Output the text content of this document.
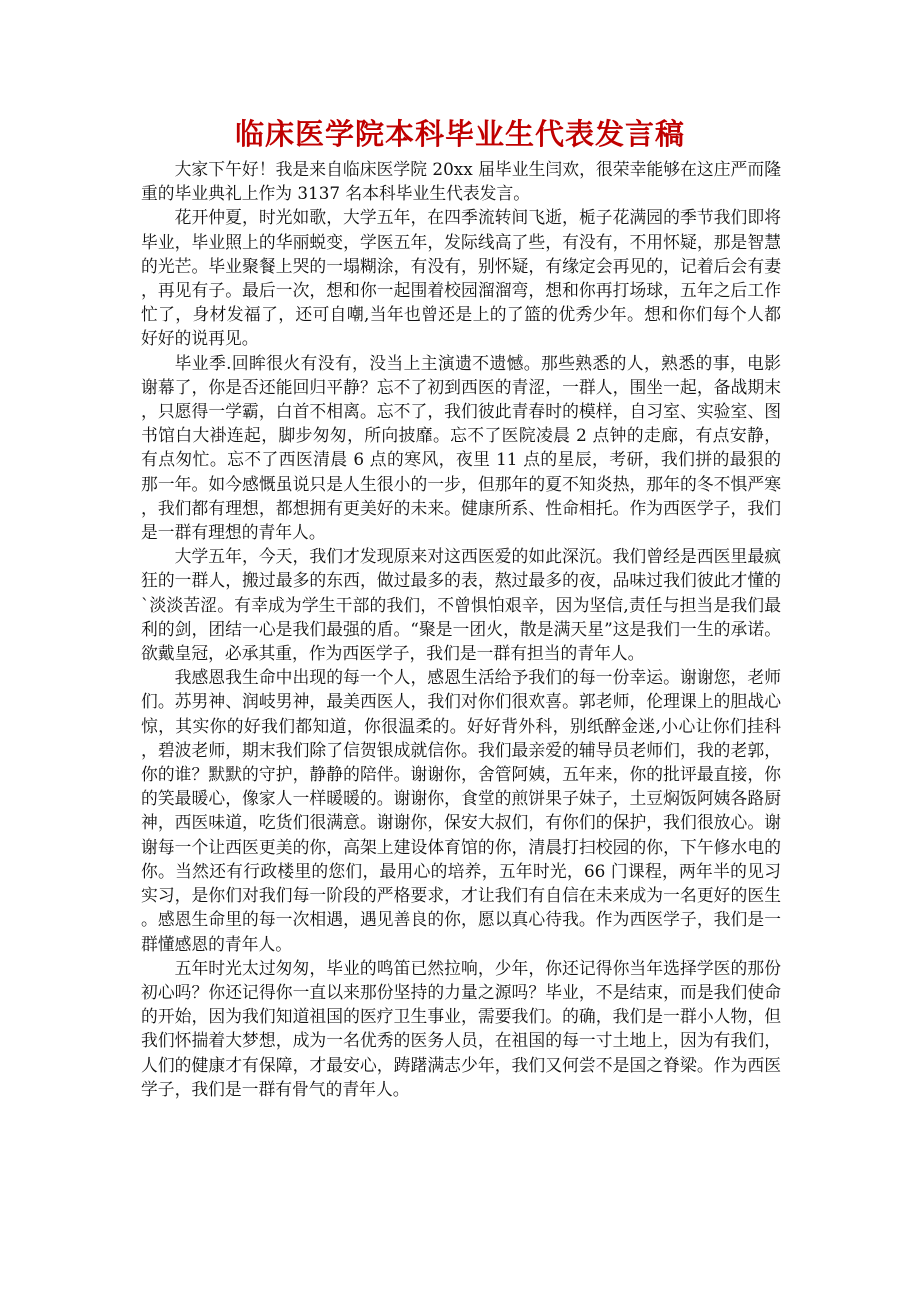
临床医学院本科毕业生代表发言稿

大家下午好！我是来自临床医学院 20xx 届毕业生闫欢，很荣幸能够在这庄严而隆重的毕业典礼上作为 3137 名本科毕业生代表发言。

花开仲夏，时光如歌，大学五年，在四季流转间飞逝，栀子花满园的季节我们即将毕业，毕业照上的华丽蜕变，学医五年，发际线高了些，有没有，不用怀疑，那是智慧的光芒。毕业聚餐上哭的一塌糊涂，有没有，别怀疑，有缘定会再见的，记着后会有妻，再见有子。最后一次，想和你一起围着校园溜溜弯，想和你再打场球，五年之后工作忙了，身材发福了，还可自嘲,当年也曾还是上的了篮的优秀少年。想和你们每个人都好好的说再见。

毕业季.回眸很火有没有，没当上主演遗不遗憾。那些熟悉的人，熟悉的事，电影谢幕了，你是否还能回归平静？忘不了初到西医的青涩，一群人，围坐一起，备战期末，只愿得一学霸，白首不相离。忘不了，我们彼此青春时的模样，自习室、实验室、图书馆白大褂连起，脚步匆匆，所向披靡。忘不了医院凌晨 2 点钟的走廊，有点安静，有点匆忙。忘不了西医清晨 6 点的寒风，夜里 11 点的星辰，考研，我们拼的最狠的那一年。如今感慨虽说只是人生很小的一步，但那年的夏不知炎热，那年的冬不惧严寒，我们都有理想，都想拥有更美好的未来。健康所系、性命相托。作为西医学子，我们是一群有理想的青年人。

大学五年，今天，我们才发现原来对这西医爱的如此深沉。我们曾经是西医里最疯狂的一群人，搬过最多的东西，做过最多的表，熬过最多的夜，品味过我们彼此才懂的`淡淡苦涩。有幸成为学生干部的我们，不曾惧怕艰辛，因为坚信,责任与担当是我们最利的剑，团结一心是我们最强的盾。“聚是一团火，散是满天星”这是我们一生的承诺。欲戴皇冠，必承其重，作为西医学子，我们是一群有担当的青年人。

我感恩我生命中出现的每一个人，感恩生活给予我们的每一份幸运。谢谢您，老师们。苏男神、润岐男神，最美西医人，我们对你们很欢喜。郭老师，伦理课上的胆战心惊，其实你的好我们都知道，你很温柔的。好好背外科，别纸醉金迷,小心让你们挂科，碧波老师，期末我们除了信贺银成就信你。我们最亲爱的辅导员老师们，我的老郭，你的谁？默默的守护，静静的陪伴。谢谢你，舍管阿姨，五年来，你的批评最直接，你的笑最暖心，像家人一样暖暖的。谢谢你，食堂的煎饼果子妹子，土豆焖饭阿姨各路厨神，西医味道，吃货们很满意。谢谢你，保安大叔们，有你们的保护，我们很放心。谢谢每一个让西医更美的你，高架上建设体育馆的你，清晨打扫校园的你，下午修水电的你。当然还有行政楼里的您们，最用心的培养，五年时光，66 门课程，两年半的见习实习，是你们对我们每一阶段的严格要求，才让我们有自信在未来成为一名更好的医生。感恩生命里的每一次相遇，遇见善良的你，愿以真心待我。作为西医学子，我们是一群懂感恩的青年人。

五年时光太过匆匆，毕业的鸣笛已然拉响，少年，你还记得你当年选择学医的那份初心吗？你还记得你一直以来那份坚持的力量之源吗？毕业，不是结束，而是我们使命的开始，因为我们知道祖国的医疗卫生事业，需要我们。的确，我们是一群小人物，但我们怀揣着大梦想，成为一名优秀的医务人员，在祖国的每一寸土地上，因为有我们，人们的健康才有保障，才最安心，踌躇满志少年，我们又何尝不是国之脊梁。作为西医学子，我们是一群有骨气的青年人。
